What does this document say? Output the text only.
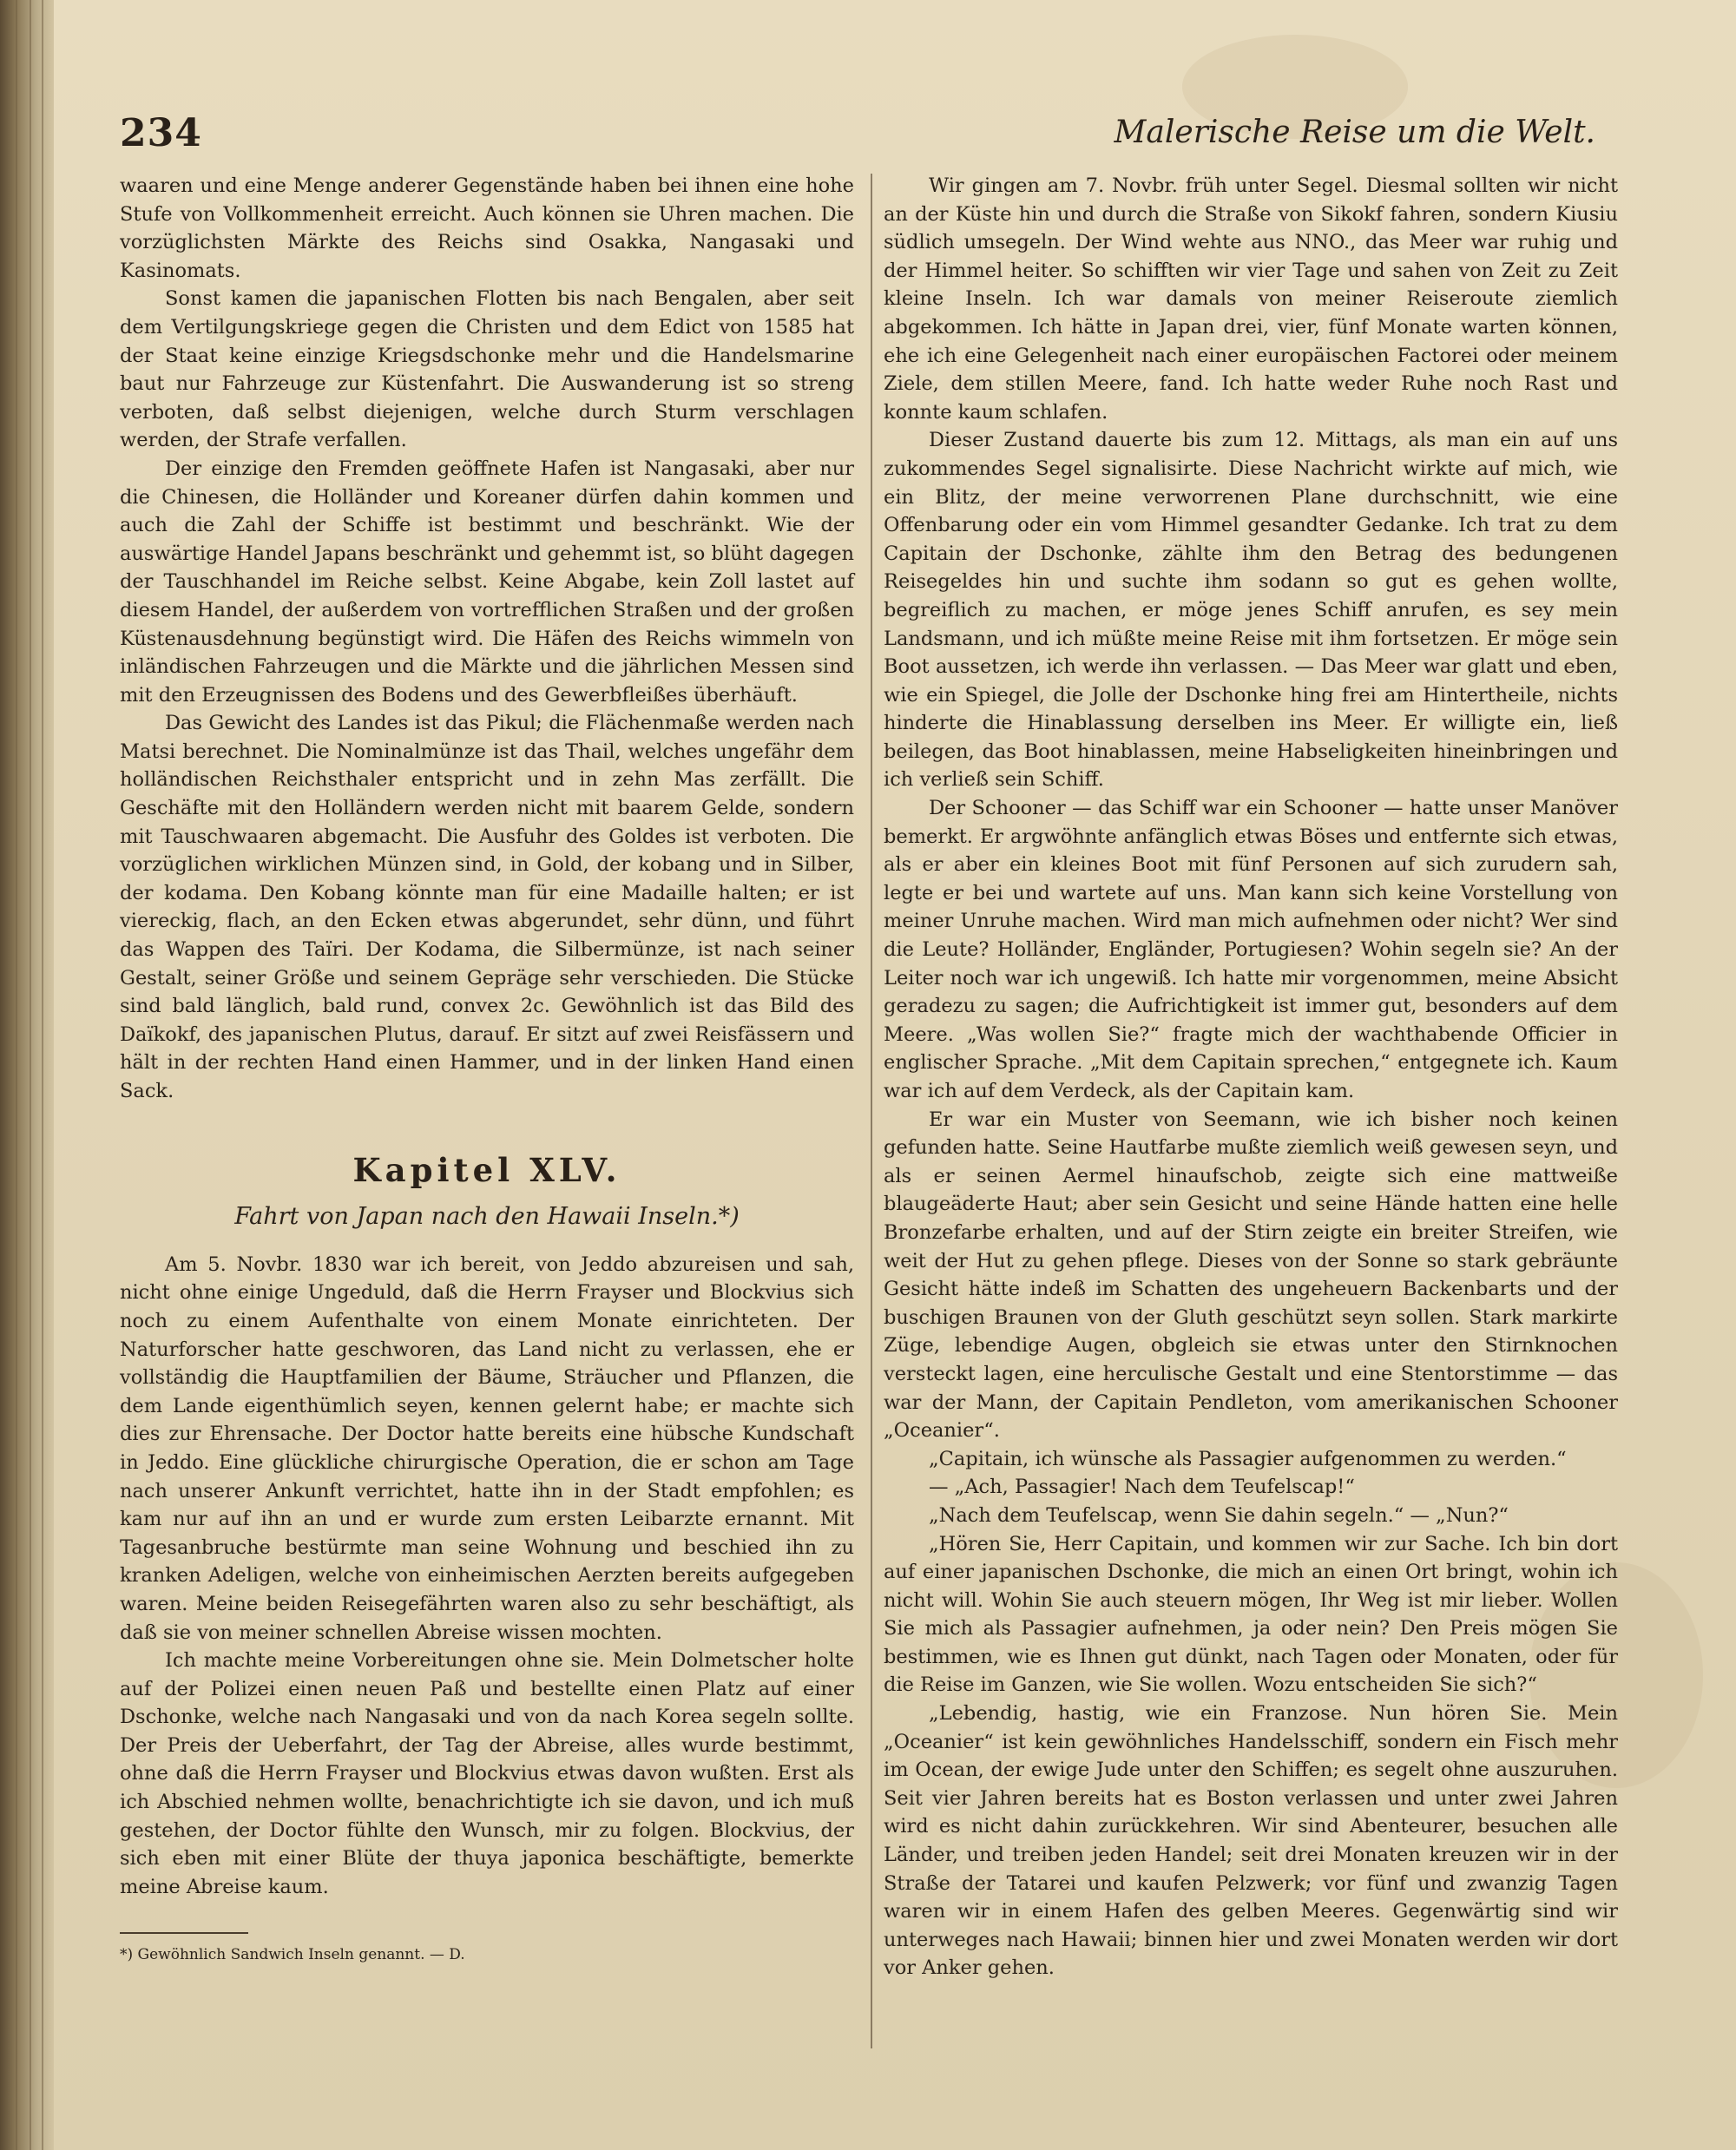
234	Malerische Reise um die Welt.

waaren und eine Menge anderer Gegenstände haben bei ihnen eine hohe Stufe von Vollkommenheit erreicht. Auch können sie Uhren machen. Die vorzüglichsten Märkte des Reichs sind Osakka, Nangasaki und Kasinomats.

Sonst kamen die japanischen Flotten bis nach Bengalen, aber seit dem Vertilgungskriege gegen die Christen und dem Edict von 1585 hat der Staat keine einzige Kriegsdschonke mehr und die Handelsmarine baut nur Fahrzeuge zur Küstenfahrt. Die Auswanderung ist so streng verboten, daß selbst diejenigen, welche durch Sturm verschlagen werden, der Strafe verfallen.

Der einzige den Fremden geöffnete Hafen ist Nangasaki, aber nur die Chinesen, die Holländer und Koreaner dürfen dahin kommen und auch die Zahl der Schiffe ist bestimmt und beschränkt. Wie der auswärtige Handel Japans beschränkt und gehemmt ist, so blüht dagegen der Tauschhandel im Reiche selbst. Keine Abgabe, kein Zoll lastet auf diesem Handel, der außerdem von vortrefflichen Straßen und der großen Küstenausdehnung begünstigt wird. Die Häfen des Reichs wimmeln von inländischen Fahrzeugen und die Märkte und die jährlichen Messen sind mit den Erzeugnissen des Bodens und des Gewerbfleißes überhäuft.

Das Gewicht des Landes ist das Pikul; die Flächenmaße werden nach Matsi berechnet. Die Nominalmünze ist das Thail, welches ungefähr dem holländischen Reichsthaler entspricht und in zehn Mas zerfällt. Die Geschäfte mit den Holländern werden nicht mit baarem Gelde, sondern mit Tauschwaaren abgemacht. Die Ausfuhr des Goldes ist verboten. Die vorzüglichen wirklichen Münzen sind, in Gold, der kobang und in Silber, der kodama. Den Kobang könnte man für eine Madaille halten; er ist viereckig, flach, an den Ecken etwas abgerundet, sehr dünn, und führt das Wappen des Taïri. Der Kodama, die Silbermünze, ist nach seiner Gestalt, seiner Größe und seinem Gepräge sehr verschieden. Die Stücke sind bald länglich, bald rund, convex 2c. Gewöhnlich ist das Bild des Daïkokf, des japanischen Plutus, darauf. Er sitzt auf zwei Reisfässern und hält in der rechten Hand einen Hammer, und in der linken Hand einen Sack.

Kapitel XLV.
Fahrt von Japan nach den Hawaii Inseln.*)

Am 5. Novbr. 1830 war ich bereit, von Jeddo abzureisen und sah, nicht ohne einige Ungeduld, daß die Herrn Frayser und Blockvius sich noch zu einem Aufenthalte von einem Monate einrichteten. Der Naturforscher hatte geschworen, das Land nicht zu verlassen, ehe er vollständig die Hauptfamilien der Bäume, Sträucher und Pflanzen, die dem Lande eigenthümlich seyen, kennen gelernt habe; er machte sich dies zur Ehrensache. Der Doctor hatte bereits eine hübsche Kundschaft in Jeddo. Eine glückliche chirurgische Operation, die er schon am Tage nach unserer Ankunft verrichtet, hatte ihn in der Stadt empfohlen; es kam nur auf ihn an und er wurde zum ersten Leibarzte ernannt. Mit Tagesanbruche bestürmte man seine Wohnung und beschied ihn zu kranken Adeligen, welche von einheimischen Aerzten bereits aufgegeben waren. Meine beiden Reisegefährten waren also zu sehr beschäftigt, als daß sie von meiner schnellen Abreise wissen mochten.

Ich machte meine Vorbereitungen ohne sie. Mein Dolmetscher holte auf der Polizei einen neuen Paß und bestellte einen Platz auf einer Dschonke, welche nach Nangasaki und von da nach Korea segeln sollte. Der Preis der Ueberfahrt, der Tag der Abreise, alles wurde bestimmt, ohne daß die Herrn Frayser und Blockvius etwas davon wußten. Erst als ich Abschied nehmen wollte, benachrichtigte ich sie davon, und ich muß gestehen, der Doctor fühlte den Wunsch, mir zu folgen. Blockvius, der sich eben mit einer Blüte der thuya japonica beschäftigte, bemerkte meine Abreise kaum.

*) Gewöhnlich Sandwich Inseln genannt. — D.

Wir gingen am 7. Novbr. früh unter Segel. Diesmal sollten wir nicht an der Küste hin und durch die Straße von Sikokf fahren, sondern Kiusiu südlich umsegeln. Der Wind wehte aus NNO., das Meer war ruhig und der Himmel heiter. So schifften wir vier Tage und sahen von Zeit zu Zeit kleine Inseln. Ich war damals von meiner Reiseroute ziemlich abgekommen. Ich hätte in Japan drei, vier, fünf Monate warten können, ehe ich eine Gelegenheit nach einer europäischen Factorei oder meinem Ziele, dem stillen Meere, fand. Ich hatte weder Ruhe noch Rast und konnte kaum schlafen.

Dieser Zustand dauerte bis zum 12. Mittags, als man ein auf uns zukommendes Segel signalisirte. Diese Nachricht wirkte auf mich, wie ein Blitz, der meine verworrenen Plane durchschnitt, wie eine Offenbarung oder ein vom Himmel gesandter Gedanke. Ich trat zu dem Capitain der Dschonke, zählte ihm den Betrag des bedungenen Reisegeldes hin und suchte ihm sodann so gut es gehen wollte, begreiflich zu machen, er möge jenes Schiff anrufen, es sey mein Landsmann, und ich müßte meine Reise mit ihm fortsetzen. Er möge sein Boot aussetzen, ich werde ihn verlassen. — Das Meer war glatt und eben, wie ein Spiegel, die Jolle der Dschonke hing frei am Hintertheile, nichts hinderte die Hinablassung derselben ins Meer. Er willigte ein, ließ beilegen, das Boot hinablassen, meine Habseligkeiten hineinbringen und ich verließ sein Schiff.

Der Schooner — das Schiff war ein Schooner — hatte unser Manöver bemerkt. Er argwöhnte anfänglich etwas Böses und entfernte sich etwas, als er aber ein kleines Boot mit fünf Personen auf sich zurudern sah, legte er bei und wartete auf uns. Man kann sich keine Vorstellung von meiner Unruhe machen. Wird man mich aufnehmen oder nicht? Wer sind die Leute? Holländer, Engländer, Portugiesen? Wohin segeln sie? An der Leiter noch war ich ungewiß. Ich hatte mir vorgenommen, meine Absicht geradezu zu sagen; die Aufrichtigkeit ist immer gut, besonders auf dem Meere. „Was wollen Sie?“ fragte mich der wachthabende Officier in englischer Sprache. „Mit dem Capitain sprechen,“ entgegnete ich. Kaum war ich auf dem Verdeck, als der Capitain kam.

Er war ein Muster von Seemann, wie ich bisher noch keinen gefunden hatte. Seine Hautfarbe mußte ziemlich weiß gewesen seyn, und als er seinen Aermel hinaufschob, zeigte sich eine mattweiße blaugeäderte Haut; aber sein Gesicht und seine Hände hatten eine helle Bronzefarbe erhalten, und auf der Stirn zeigte ein breiter Streifen, wie weit der Hut zu gehen pflege. Dieses von der Sonne so stark gebräunte Gesicht hätte indeß im Schatten des ungeheuern Backenbarts und der buschigen Braunen von der Gluth geschützt seyn sollen. Stark markirte Züge, lebendige Augen, obgleich sie etwas unter den Stirnknochen versteckt lagen, eine herculische Gestalt und eine Stentorstimme — das war der Mann, der Capitain Pendleton, vom amerikanischen Schooner „Oceanier“.

„Capitain, ich wünsche als Passagier aufgenommen zu werden.“

— „Ach, Passagier! Nach dem Teufelscap!“

„Nach dem Teufelscap, wenn Sie dahin segeln.“ — „Nun?“

„Hören Sie, Herr Capitain, und kommen wir zur Sache. Ich bin dort auf einer japanischen Dschonke, die mich an einen Ort bringt, wohin ich nicht will. Wohin Sie auch steuern mögen, Ihr Weg ist mir lieber. Wollen Sie mich als Passagier aufnehmen, ja oder nein? Den Preis mögen Sie bestimmen, wie es Ihnen gut dünkt, nach Tagen oder Monaten, oder für die Reise im Ganzen, wie Sie wollen. Wozu entscheiden Sie sich?“

„Lebendig, hastig, wie ein Franzose. Nun hören Sie. Mein „Oceanier“ ist kein gewöhnliches Handelsschiff, sondern ein Fisch mehr im Ocean, der ewige Jude unter den Schiffen; es segelt ohne auszuruhen. Seit vier Jahren bereits hat es Boston verlassen und unter zwei Jahren wird es nicht dahin zurückkehren. Wir sind Abenteurer, besuchen alle Länder, und treiben jeden Handel; seit drei Monaten kreuzen wir in der Straße der Tatarei und kaufen Pelzwerk; vor fünf und zwanzig Tagen waren wir in einem Hafen des gelben Meeres. Gegenwärtig sind wir unterweges nach Hawaii; binnen hier und zwei Monaten werden wir dort vor Anker gehen.
